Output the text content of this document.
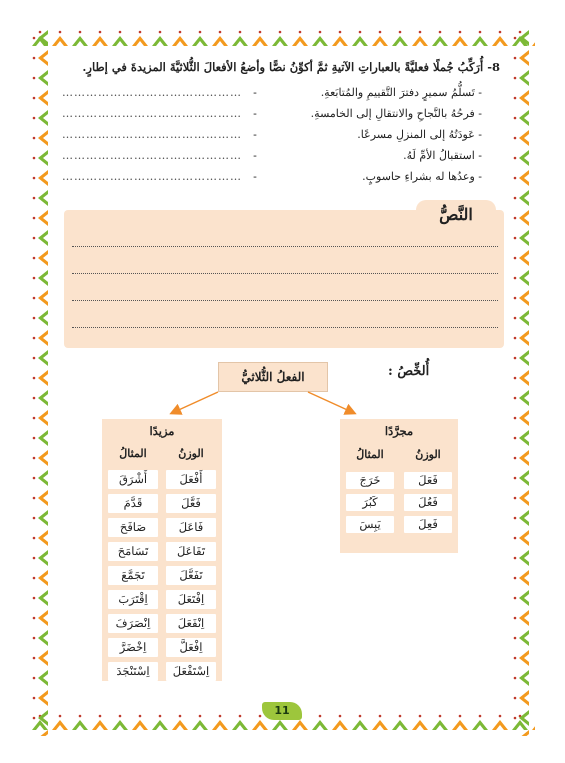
8- أُرَكِّبُ جُملًا فعليَّةً بالعباراتِ الآتيةِ ثمَّ أكوِّنُ نصًّا وأضعُ الأفعالَ الثُّلاثيَّةَ المزيدةَ في إطارٍ.
- تَسلُّمُ سميرٍ دفترَ التَّقييمِ والمُتابَعةِ.
-
………………………………………
- فرحُهُ بالنَّجاحِ والانتقالِ إلى الخامسةِ.
-
………………………………………
- عَودَتُهُ إلى المنزلِ مسرعًا.
-
………………………………………
- استقبالُ الأمِّ لَهُ.
-
………………………………………
- وعدُها له بشراءِ حاسوبٍ.
-
………………………………………
النَّصُّ
أُلخِّصُ :
الفعلُ الثُّلاثيُّ
مجرَّدًا
الوزنُ
المثالُ
فَعَلَ
خَرَجَ
فَعُلَ
كَبُرَ
فَعِلَ
يَبِسَ
مزيدًا
الوزنُ
المثالُ
أَفْعَلَ
أَشْرَقَ
فَعَّلَ
قَدَّمَ
فَاعَلَ
صَافَحَ
تَفَاعَلَ
تَسَامَحَ
تَفَعَّلَ
تَجَمَّعَ
اِفْتَعَلَ
اِقْتَرَبَ
اِنْفَعَلَ
اِنْصَرَفَ
اِفْعَلَّ
اِخْضَرَّ
اِسْتَفْعَلَ
اِسْتَنْجَدَ
11
